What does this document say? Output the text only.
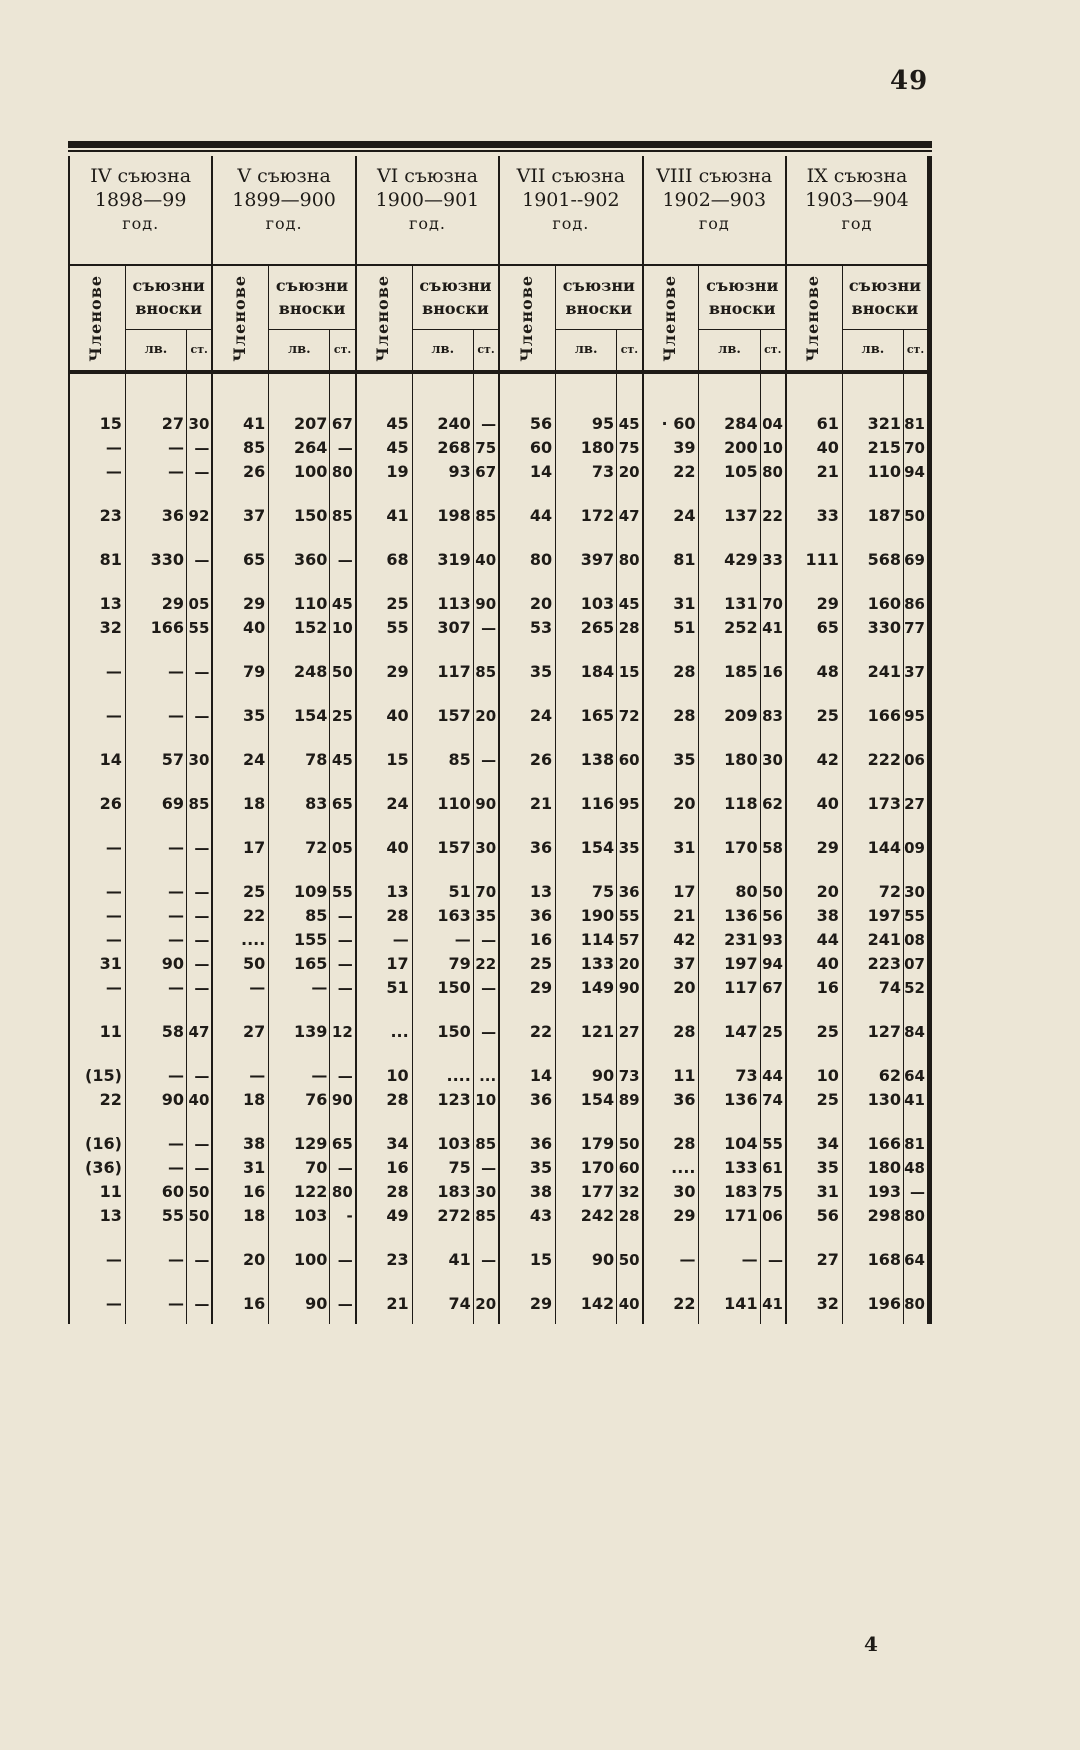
49
IV съюзна
1898—99
год.			V съюзна
1899—900
год.			VI съюзна
1900—901
год.			VII съюзна
1901--902
год.			VIII съюзна
1902—903
год			IX съюзна
1903—904
год		

Членове	съюзни
вноски		Членове	съюзни
вноски		Членове	съюзни
вноски		Членове	съюзни
вноски		Членове	съюзни
вноски		Членове	съюзни
вноски	

	лв.	ст.		лв.	ст.		лв.	ст.		лв.	ст.		лв.	ст.		лв.	ст.

15	27	30	41	207	67	45	240	—	56	95	45	· 60	284	04	61	321	81
—	—	—	85	264	—	45	268	75	60	180	75	39	200	10	40	215	70
—	—	—	26	100	80	19	93	67	14	73	20	22	105	80	21	110	94

23	36	92	37	150	85	41	198	85	44	172	47	24	137	22	33	187	50

81	330	—	65	360	—	68	319	40	80	397	80	81	429	33	111	568	69

13	29	05	29	110	45	25	113	90	20	103	45	31	131	70	29	160	86
32	166	55	40	152	10	55	307	—	53	265	28	51	252	41	65	330	77

—	—	—	79	248	50	29	117	85	35	184	15	28	185	16	48	241	37

—	—	—	35	154	25	40	157	20	24	165	72	28	209	83	25	166	95

14	57	30	24	78	45	15	85	—	26	138	60	35	180	30	42	222	06

26	69	85	18	83	65	24	110	90	21	116	95	20	118	62	40	173	27

—	—	—	17	72	05	40	157	30	36	154	35	31	170	58	29	144	09

—	—	—	25	109	55	13	51	70	13	75	36	17	80	50	20	72	30
—	—	—	22	85	—	28	163	35	36	190	55	21	136	56	38	197	55
—	—	—	....	155	—	—	—	—	16	114	57	42	231	93	44	241	08
31	90	—	50	165	—	17	79	22	25	133	20	37	197	94	40	223	07
—	—	—	—	—	—	51	150	—	29	149	90	20	117	67	16	74	52

11	58	47	27	139	12	...	150	—	22	121	27	28	147	25	25	127	84

(15)	—	—	—	—	—	10	....	...	14	90	73	11	73	44	10	62	64
22	90	40	18	76	90	28	123	10	36	154	89	36	136	74	25	130	41

(16)	—	—	38	129	65	34	103	85	36	179	50	28	104	55	34	166	81
(36)	—	—	31	70	—	16	75	—	35	170	60	....	133	61	35	180	48
11	60	50	16	122	80	28	183	30	38	177	32	30	183	75	31	193	—
13	55	50	18	103	-	49	272	85	43	242	28	29	171	06	56	298	80

—	—	—	20	100	—	23	41	—	15	90	50	—	—	—	27	168	64

—	—	—	16	90	—	21	74	20	29	142	40	22	141	41	32	196	80

4
